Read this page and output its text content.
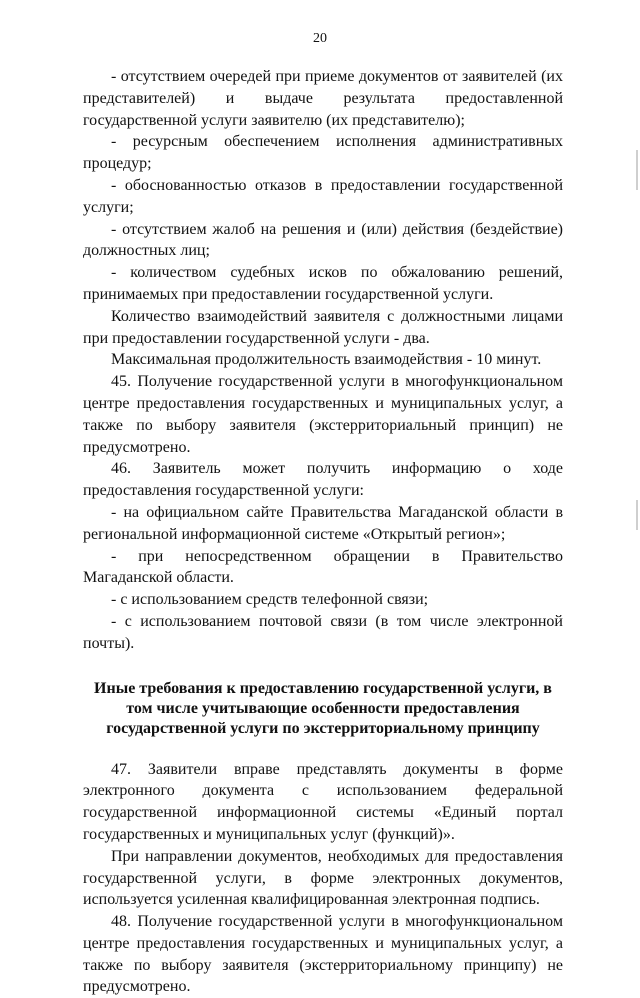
20

- отсутствием очередей при приеме документов от заявителей (их представителей) и выдаче результата предоставленной государственной услуги заявителю (их представителю);

- ресурсным обеспечением исполнения административных процедур;

- обоснованностью отказов в предоставлении государственной услуги;

- отсутствием жалоб на решения и (или) действия (бездействие) должностных лиц;

- количеством судебных исков по обжалованию решений, принимаемых при предоставлении государственной услуги.

Количество взаимодействий заявителя с должностными лицами при предоставлении государственной услуги - два.

Максимальная продолжительность взаимодействия - 10 минут.

45. Получение государственной услуги в многофункциональном центре предоставления государственных и муниципальных услуг, а также по выбору заявителя (экстерриториальный принцип) не предусмотрено.

46. Заявитель может получить информацию о ходе предоставления государственной услуги:

- на официальном сайте Правительства Магаданской области в региональной информационной системе «Открытый регион»;

- при непосредственном обращении в Правительство Магаданской области.

- с использованием средств телефонной связи;

- с использованием почтовой связи (в том числе электронной почты).

Иные требования к предоставлению государственной услуги, в том числе учитывающие особенности предоставления государственной услуги по экстерриториальному принципу

47. Заявители вправе представлять документы в форме электронного документа с использованием федеральной государственной информационной системы «Единый портал государственных и муниципальных услуг (функций)».

При направлении документов, необходимых для предоставления государственной услуги, в форме электронных документов, используется усиленная квалифицированная электронная подпись.

48. Получение государственной услуги в многофункциональном центре предоставления государственных и муниципальных услуг, а также по выбору заявителя (экстерриториальному принципу) не предусмотрено.
